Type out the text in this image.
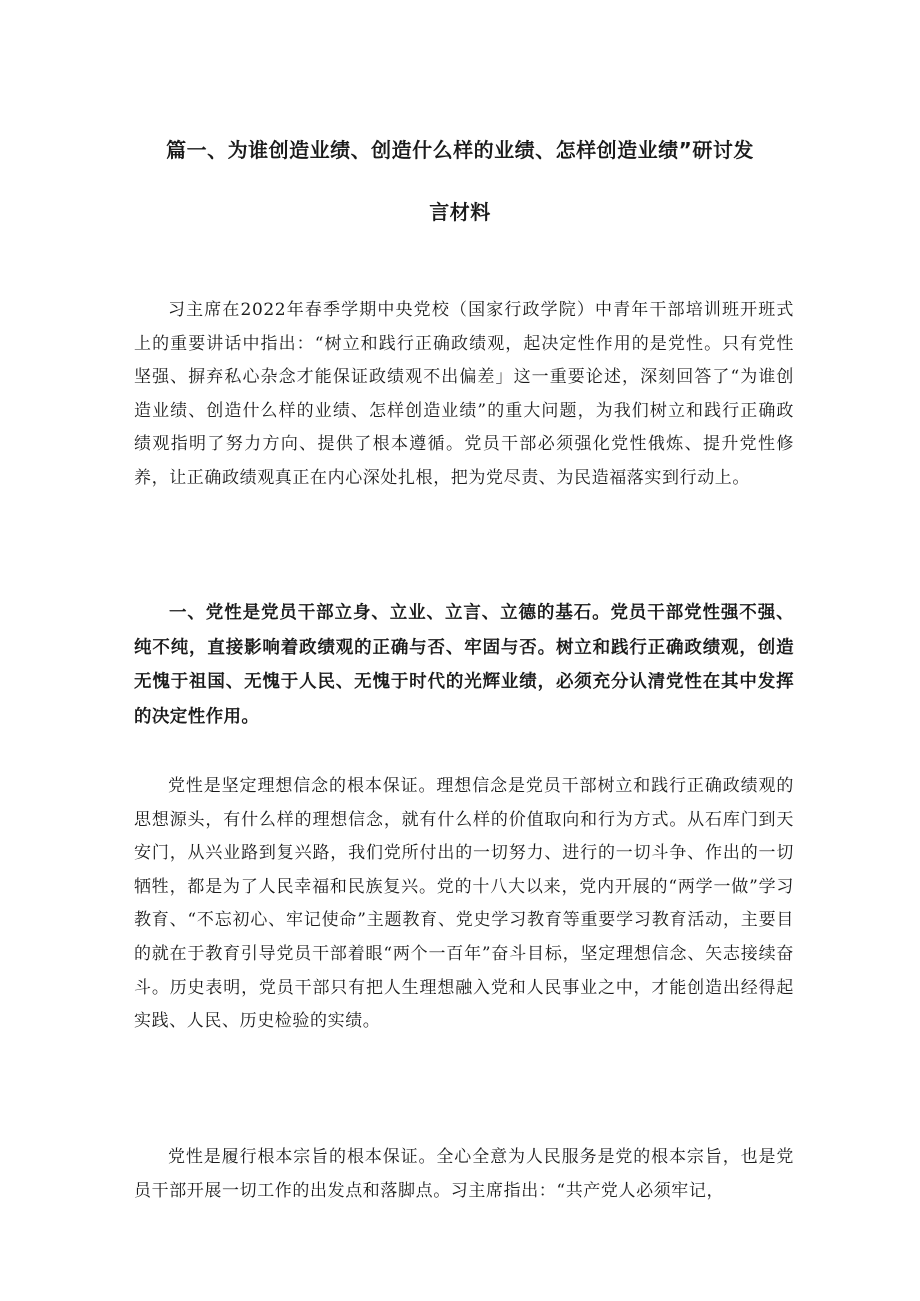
篇一、为谁创造业绩、创造什么样的业绩、怎样创造业绩”研讨发
言材料

习主席在2022年春季学期中央党校（国家行政学院）中青年干部培训班开班式上的重要讲话中指出：“树立和践行正确政绩观，起决定性作用的是党性。只有党性坚强、摒弃私心杂念才能保证政绩观不出偏差」这一重要论述，深刻回答了“为谁创造业绩、创造什么样的业绩、怎样创造业绩”的重大问题，为我们树立和践行正确政绩观指明了努力方向、提供了根本遵循。党员干部必须强化党性俄炼、提升党性修养，让正确政绩观真正在内心深处扎根，把为党尽责、为民造福落实到行动上。

一、党性是党员干部立身、立业、立言、立德的基石。党员干部党性强不强、纯不纯，直接影响着政绩观的正确与否、牢固与否。树立和践行正确政绩观，创造无愧于祖国、无愧于人民、无愧于时代的光辉业绩，必须充分认清党性在其中发挥的决定性作用。

党性是坚定理想信念的根本保证。理想信念是党员干部树立和践行正确政绩观的思想源头，有什么样的理想信念，就有什么样的价值取向和行为方式。从石库门到天安门，从兴业路到复兴路，我们党所付出的一切努力、进行的一切斗争、作出的一切牺牲，都是为了人民幸福和民族复兴。党的十八大以来，党内开展的“两学一做”学习教育、“不忘初心、牢记使命”主题教育、党史学习教育等重要学习教育活动，主要目的就在于教育引导党员干部着眼“两个一百年”奋斗目标，坚定理想信念、矢志接续奋斗。历史表明，党员干部只有把人生理想融入党和人民事业之中，才能创造出经得起实践、人民、历史检验的实绩。

党性是履行根本宗旨的根本保证。全心全意为人民服务是党的根本宗旨，也是党员干部开展一切工作的出发点和落脚点。习主席指出：“共产党人必须牢记，
